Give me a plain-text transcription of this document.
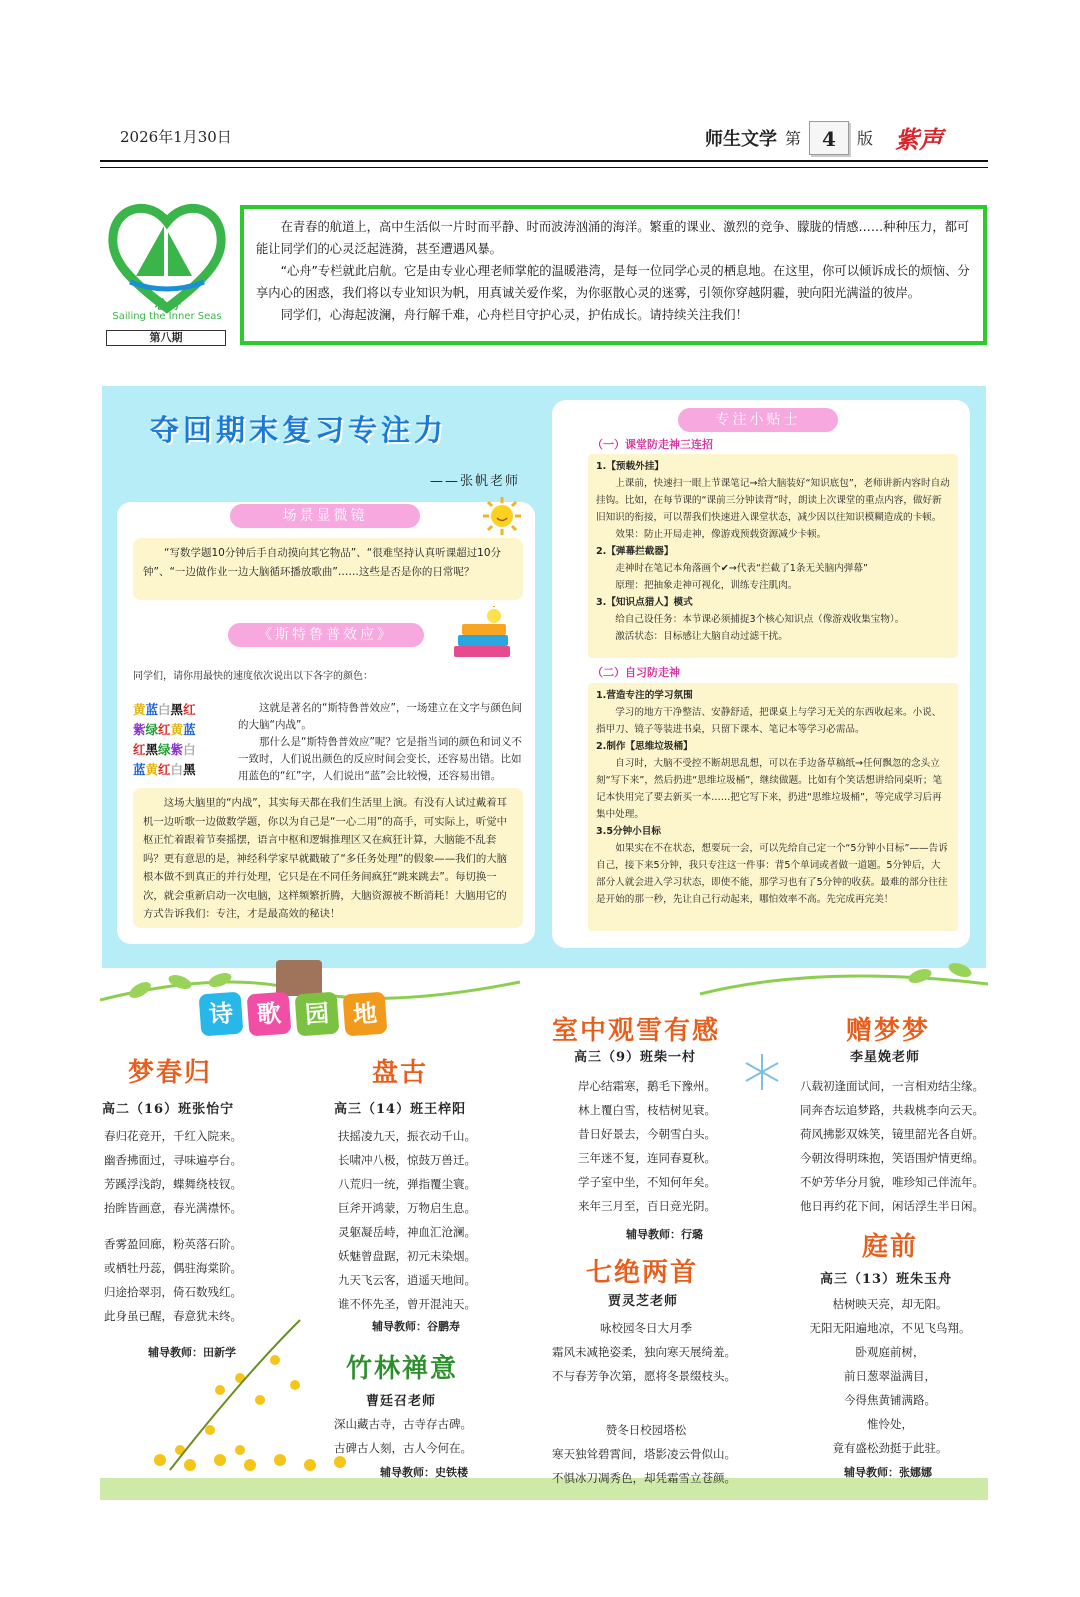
2026年1月30日	师生文学 第	4	版 紫声
心舟
Sailing the Inner Seas
第八期

在青春的航道上，高中生活似一片时而平静、时而波涛汹涌的海洋。繁重的课业、激烈的竞争、朦胧的情感……种种压力，都可能让同学们的心灵泛起涟漪，甚至遭遇风暴。

“心舟”专栏就此启航。它是由专业心理老师掌舵的温暖港湾，是每一位同学心灵的栖息地。在这里，你可以倾诉成长的烦恼、分享内心的困惑，我们将以专业知识为帆，用真诚关爱作桨，为你驱散心灵的迷雾，引领你穿越阴霾，驶向阳光满溢的彼岸。

同学们，心海起波澜，舟行解千难，心舟栏目守护心灵，护佑成长。请持续关注我们！

夺回期末复习专注力
——张帆老师
场景显微镜

“写数学题10分钟后手自动摸向其它物品”、“很难坚持认真听课超过10分钟”、“一边做作业一边大脑循环播放歌曲”……这些是否是你的日常呢？

《斯特鲁普效应》
同学们，请你用最快的速度依次说出以下各字的颜色：
黄蓝白黑红
紫绿红黄蓝
红黑绿紫白
蓝黄红白黑

这就是著名的“斯特鲁普效应”，一场建立在文字与颜色间的大脑“内战”。

那什么是“斯特鲁普效应”呢？它是指当词的颜色和词义不一致时，人们说出颜色的反应时间会变长，还容易出错。比如用蓝色的“红”字，人们说出“蓝”会比较慢，还容易出错。

这场大脑里的“内战”，其实每天都在我们生活里上演。有没有人试过戴着耳机一边听歌一边做数学题，你以为自己是“一心二用”的高手，可实际上，听觉中枢正忙着跟着节奏摇摆，语言中枢和逻辑推理区又在疯狂计算，大脑能不乱套吗？更有意思的是，神经科学家早就戳破了“多任务处理”的假象——我们的大脑根本做不到真正的并行处理，它只是在不同任务间疯狂“跳来跳去”。每切换一次，就会重新启动一次电脑，这样频繁折腾，大脑资源被不断消耗！大脑用它的方式告诉我们：专注，才是最高效的秘诀！

专注小贴士
（一）课堂防走神三连招

1.【预载外挂】

上课前，快速扫一眼上节课笔记→给大脑装好“知识底包”，老师讲新内容时自动挂钩。比如，在每节课的“课前三分钟读背”时，朗读上次课堂的重点内容，做好新旧知识的衔接，可以帮我们快速进入课堂状态，减少因以往知识模糊造成的卡顿。

效果：防止开局走神，像游戏预载资源减少卡顿。

2.【弹幕拦截器】

走神时在笔记本角落画个✔→代表“拦截了1条无关脑内弹幕”

原理：把抽象走神可视化，训练专注肌肉。

3.【知识点猎人】模式

给自己设任务：本节课必须捕捉3个核心知识点（像游戏收集宝物）。

激活状态：目标感让大脑自动过滤干扰。

（二）自习防走神

1.营造专注的学习氛围

学习的地方干净整洁、安静舒适，把课桌上与学习无关的东西收起来。小说、指甲刀、镜子等装进书桌，只留下课本、笔记本等学习必需品。

2.制作【思维垃圾桶】

自习时，大脑不受控不断胡思乱想，可以在手边备草稿纸→任何飘忽的念头立刻“写下来”，然后扔进“思维垃圾桶”，继续做题。比如有个笑话想讲给同桌听；笔记本快用完了要去新买一本……把它写下来，扔进“思维垃圾桶”，等完成学习后再集中处理。

3.5分钟小目标

如果实在不在状态，想要玩一会，可以先给自己定一个“5分钟小目标”——告诉自己，接下来5分钟，我只专注这一件事：背5个单词或者做一道题。5分钟后，大部分人就会进入学习状态，即使不能，那学习也有了5分钟的收获。最难的部分往往是开始的那一秒，先让自己行动起来，哪怕效率不高。先完成再完美！

诗 歌 园 地
梦春归
高二（16）班张怡宁
春归花竞开，千红入院来。
幽香拂面过，寻味遍亭台。
芳蹊浮浅韵，蝶舞绕枝钗。
抬眸皆画意，春光满襟怀。

香雾盈回廊，粉英落石阶。
或栖牡丹蕊，偶驻海棠阶。
归途拾翠羽，倚石数残红。
此身虽已醒，春意犹未终。
辅导教师：田新学
盘古
高三（14）班王梓阳
扶摇凌九天，振衣动千山。
长啸冲八极，惊鼓万兽迁。
八荒归一统，弹指覆尘寰。
巨斧开鸿蒙，万物启生息。
灵躯凝岳峙，神血汇沧澜。
妖魅曾盘踞，初元未染烟。
九天飞云客，逍遥天地间。
谁不怀先圣，曾开混沌天。
辅导教师：谷鹏寿
竹林禅意
曹廷召老师
深山藏古寺，古寺存古碑。
古碑古人刻，古人今何在。
辅导教师：史铁楼
室中观雪有感
高三（9）班柴一村
岸心结霜寒，鹅毛下豫州。
林上覆白雪，枝桔树见衰。
昔日好景去，今朝雪白头。
三年迷不复，连同春夏秋。
学子室中坐，不知何年矣。
来年三月至，百日竞光阴。
辅导教师：行璐
七绝两首
贾灵芝老师
咏校园冬日大月季
霜风未减艳姿柔，独向寒天展绮羞。
不与春芳争次第，愿将冬景缀枝头。
赞冬日校园塔松
寒天独耸碧霄间，塔影凌云骨似山。
不惧冰刀凋秀色，却凭霜雪立苍颜。
赠梦梦
李星娩老师
八载初逢面试间，一言相劝结尘缘。
同奔杏坛追梦路，共栽桃李向云天。
荷风拂影双姝笑，镜里韶光各自妍。
今朝汝得明珠抱，笑语围炉情更绵。
不妒芳华分月貌，唯珍知己伴流年。
他日再约花下间，闲话浮生半日闲。
庭前
高三（13）班朱玉舟
枯树映天亮，却无阳。
无阳无阳遍地凉，不见飞鸟翔。
卧观庭前树，
前日葱翠溢满目，
今得焦黄铺满路。
惟怜处，
竟有盛松劲挺于此驻。
辅导教师：张娜娜
